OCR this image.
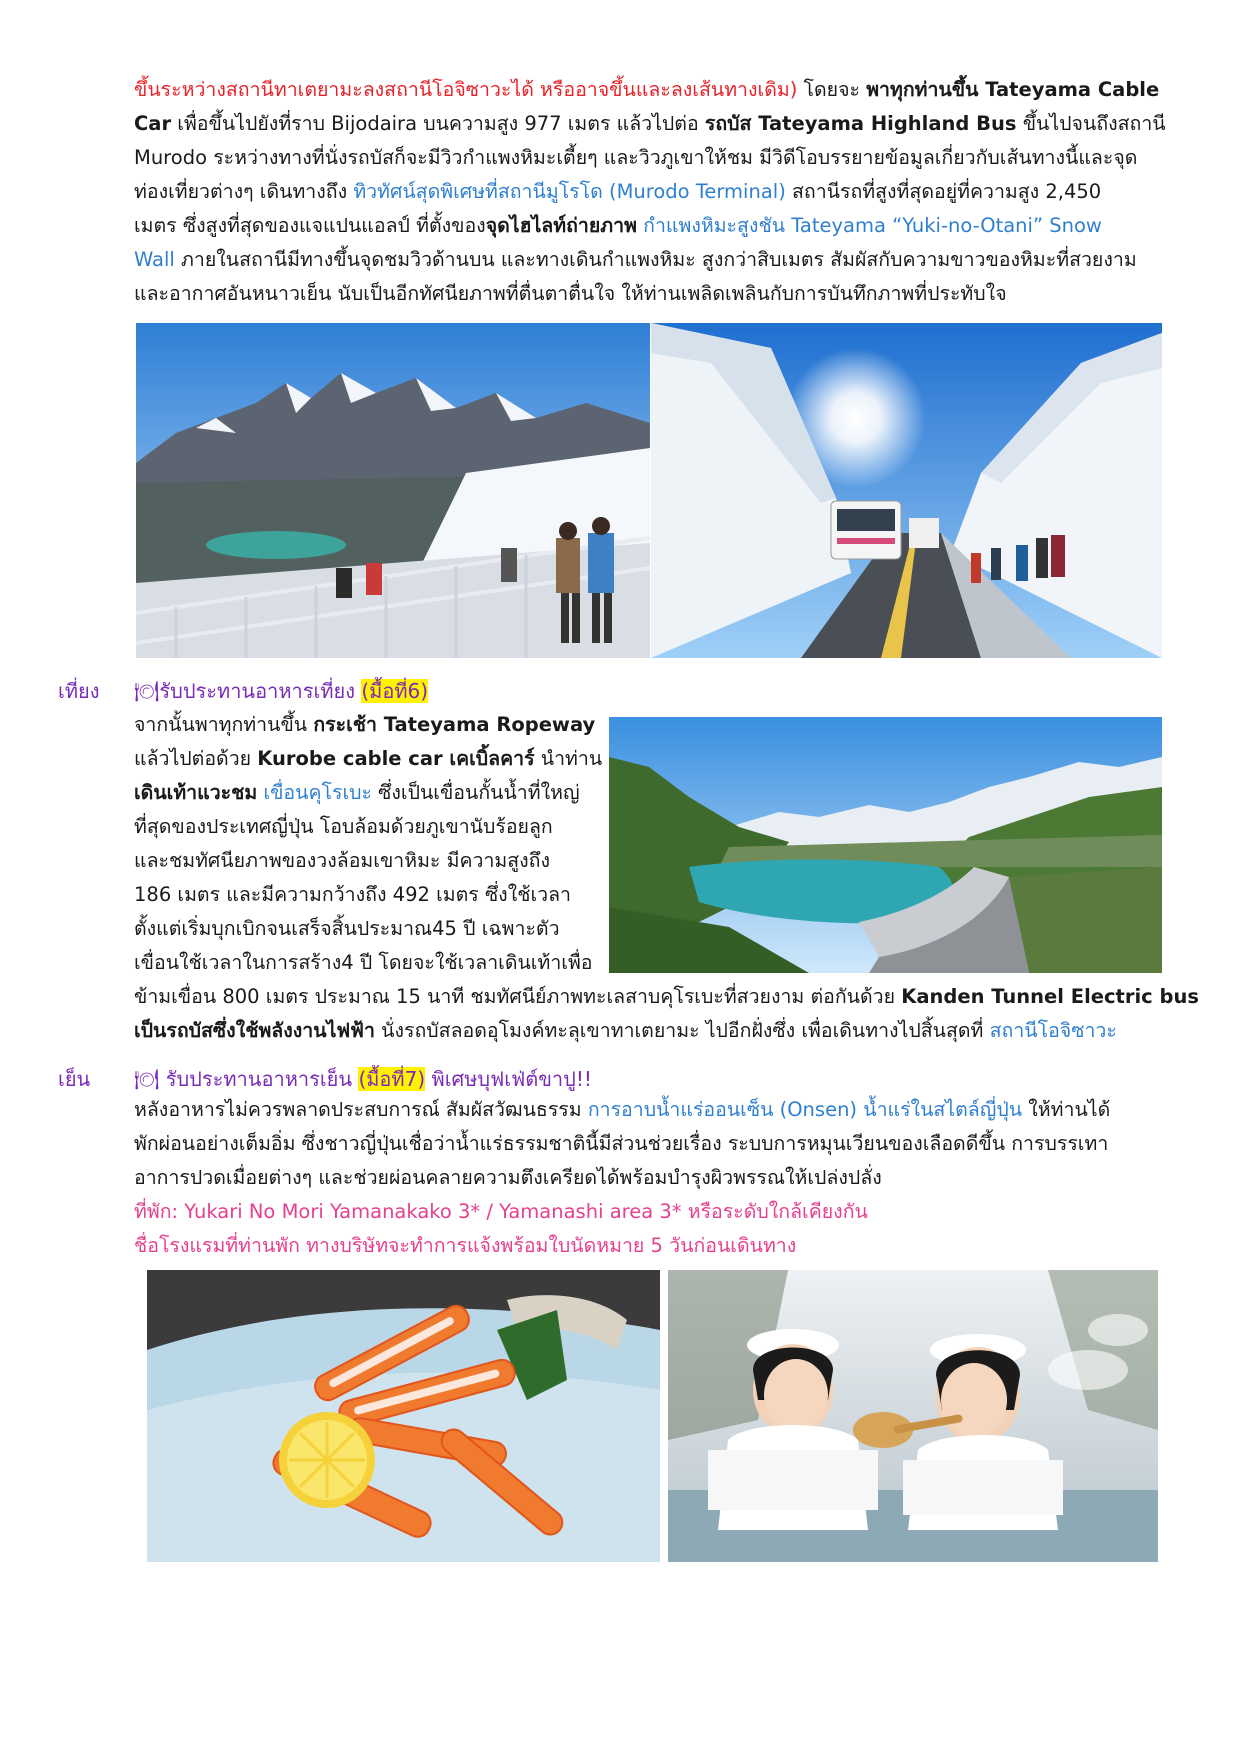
ขึ้นระหว่างสถานีทาเตยามะลงสถานีโอจิซาวะได้ หรืออาจขึ้นและลงเส้นทางเดิม) โดยจะ พาทุกท่านขึ้น Tateyama Cable

Car เพื่อขึ้นไปยังที่ราบ Bijodaira บนความสูง 977 เมตร แล้วไปต่อ รถบัส Tateyama Highland Bus ขึ้นไปจนถึงสถานี

Murodo ระหว่างทางที่นั่งรถบัสก็จะมีวิวกำแพงหิมะเตี้ยๆ และวิวภูเขาให้ชม มีวิดีโอบรรยายข้อมูลเกี่ยวกับเส้นทางนี้และจุด

ท่องเที่ยวต่างๆ เดินทางถึง ทิวทัศน์สุดพิเศษที่สถานีมูโรโด (Murodo Terminal) สถานีรถที่สูงที่สุดอยู่ที่ความสูง 2,450

เมตร ซึ่งสูงที่สุดของแจแปนแอลป์ ที่ตั้งของจุดไฮไลท์ถ่ายภาพ กำแพงหิมะสูงชัน Tateyama “Yuki-no-Otani” Snow

Wall ภายในสถานีมีทางขึ้นจุดชมวิวด้านบน และทางเดินกำแพงหิมะ สูงกว่าสิบเมตร สัมผัสกับความขาวของหิมะที่สวยงาม

และอากาศอันหนาวเย็น นับเป็นอีกทัศนียภาพที่ตื่นตาตื่นใจ ให้ท่านเพลิดเพลินกับการบันทึกภาพที่ประทับใจ

เที่ยง 🍽รับประทานอาหารเที่ยง (มื้อที่6)

จากนั้นพาทุกท่านขึ้น กระเช้า Tateyama Ropeway

แล้วไปต่อด้วย Kurobe cable car เคเบิ้ลคาร์ นำท่าน

เดินเท้าแวะชม เขื่อนคุโรเบะ ซึ่งเป็นเขื่อนกั้นน้ำที่ใหญ่

ที่สุดของประเทศญี่ปุ่น โอบล้อมด้วยภูเขานับร้อยลูก

และชมทัศนียภาพของวงล้อมเขาหิมะ มีความสูงถึง

186 เมตร และมีความกว้างถึง 492 เมตร ซึ่งใช้เวลา

ตั้งแต่เริ่มบุกเบิกจนเสร็จสิ้นประมาณ45 ปี เฉพาะตัว

เขื่อนใช้เวลาในการสร้าง4 ปี โดยจะใช้เวลาเดินเท้าเพื่อ

ข้ามเขื่อน 800 เมตร ประมาณ 15 นาที ชมทัศนีย์ภาพทะเลสาบคุโรเบะที่สวยงาม ต่อกันด้วย Kanden Tunnel Electric bus

เป็นรถบัสซึ่งใช้พลังงานไฟฟ้า นั่งรถบัสลอดอุโมงค์ทะลุเขาทาเตยามะ ไปอีกฝั่งซึ่ง เพื่อเดินทางไปสิ้นสุดที่ สถานีโอจิซาวะ

เย็น 🍽 รับประทานอาหารเย็น (มื้อที่7) พิเศษบุฟเฟ่ต์ขาปู!!

หลังอาหารไม่ควรพลาดประสบการณ์ สัมผัสวัฒนธรรม การอาบน้ำแร่ออนเซ็น (Onsen) น้ำแร่ในสไตล์ญี่ปุ่น ให้ท่านได้

พักผ่อนอย่างเต็มอิ่ม ซึ่งชาวญี่ปุ่นเชื่อว่าน้ำแร่ธรรมชาตินี้มีส่วนช่วยเรื่อง ระบบการหมุนเวียนของเลือดดีขึ้น การบรรเทา

อาการปวดเมื่อยต่างๆ และช่วยผ่อนคลายความตึงเครียดได้พร้อมบำรุงผิวพรรณให้เปล่งปลั่ง

ที่พัก: Yukari No Mori Yamanakako 3* / Yamanashi area 3* หรือระดับใกล้เคียงกัน

ชื่อโรงแรมที่ท่านพัก ทางบริษัทจะทำการแจ้งพร้อมใบนัดหมาย 5 วันก่อนเดินทาง
